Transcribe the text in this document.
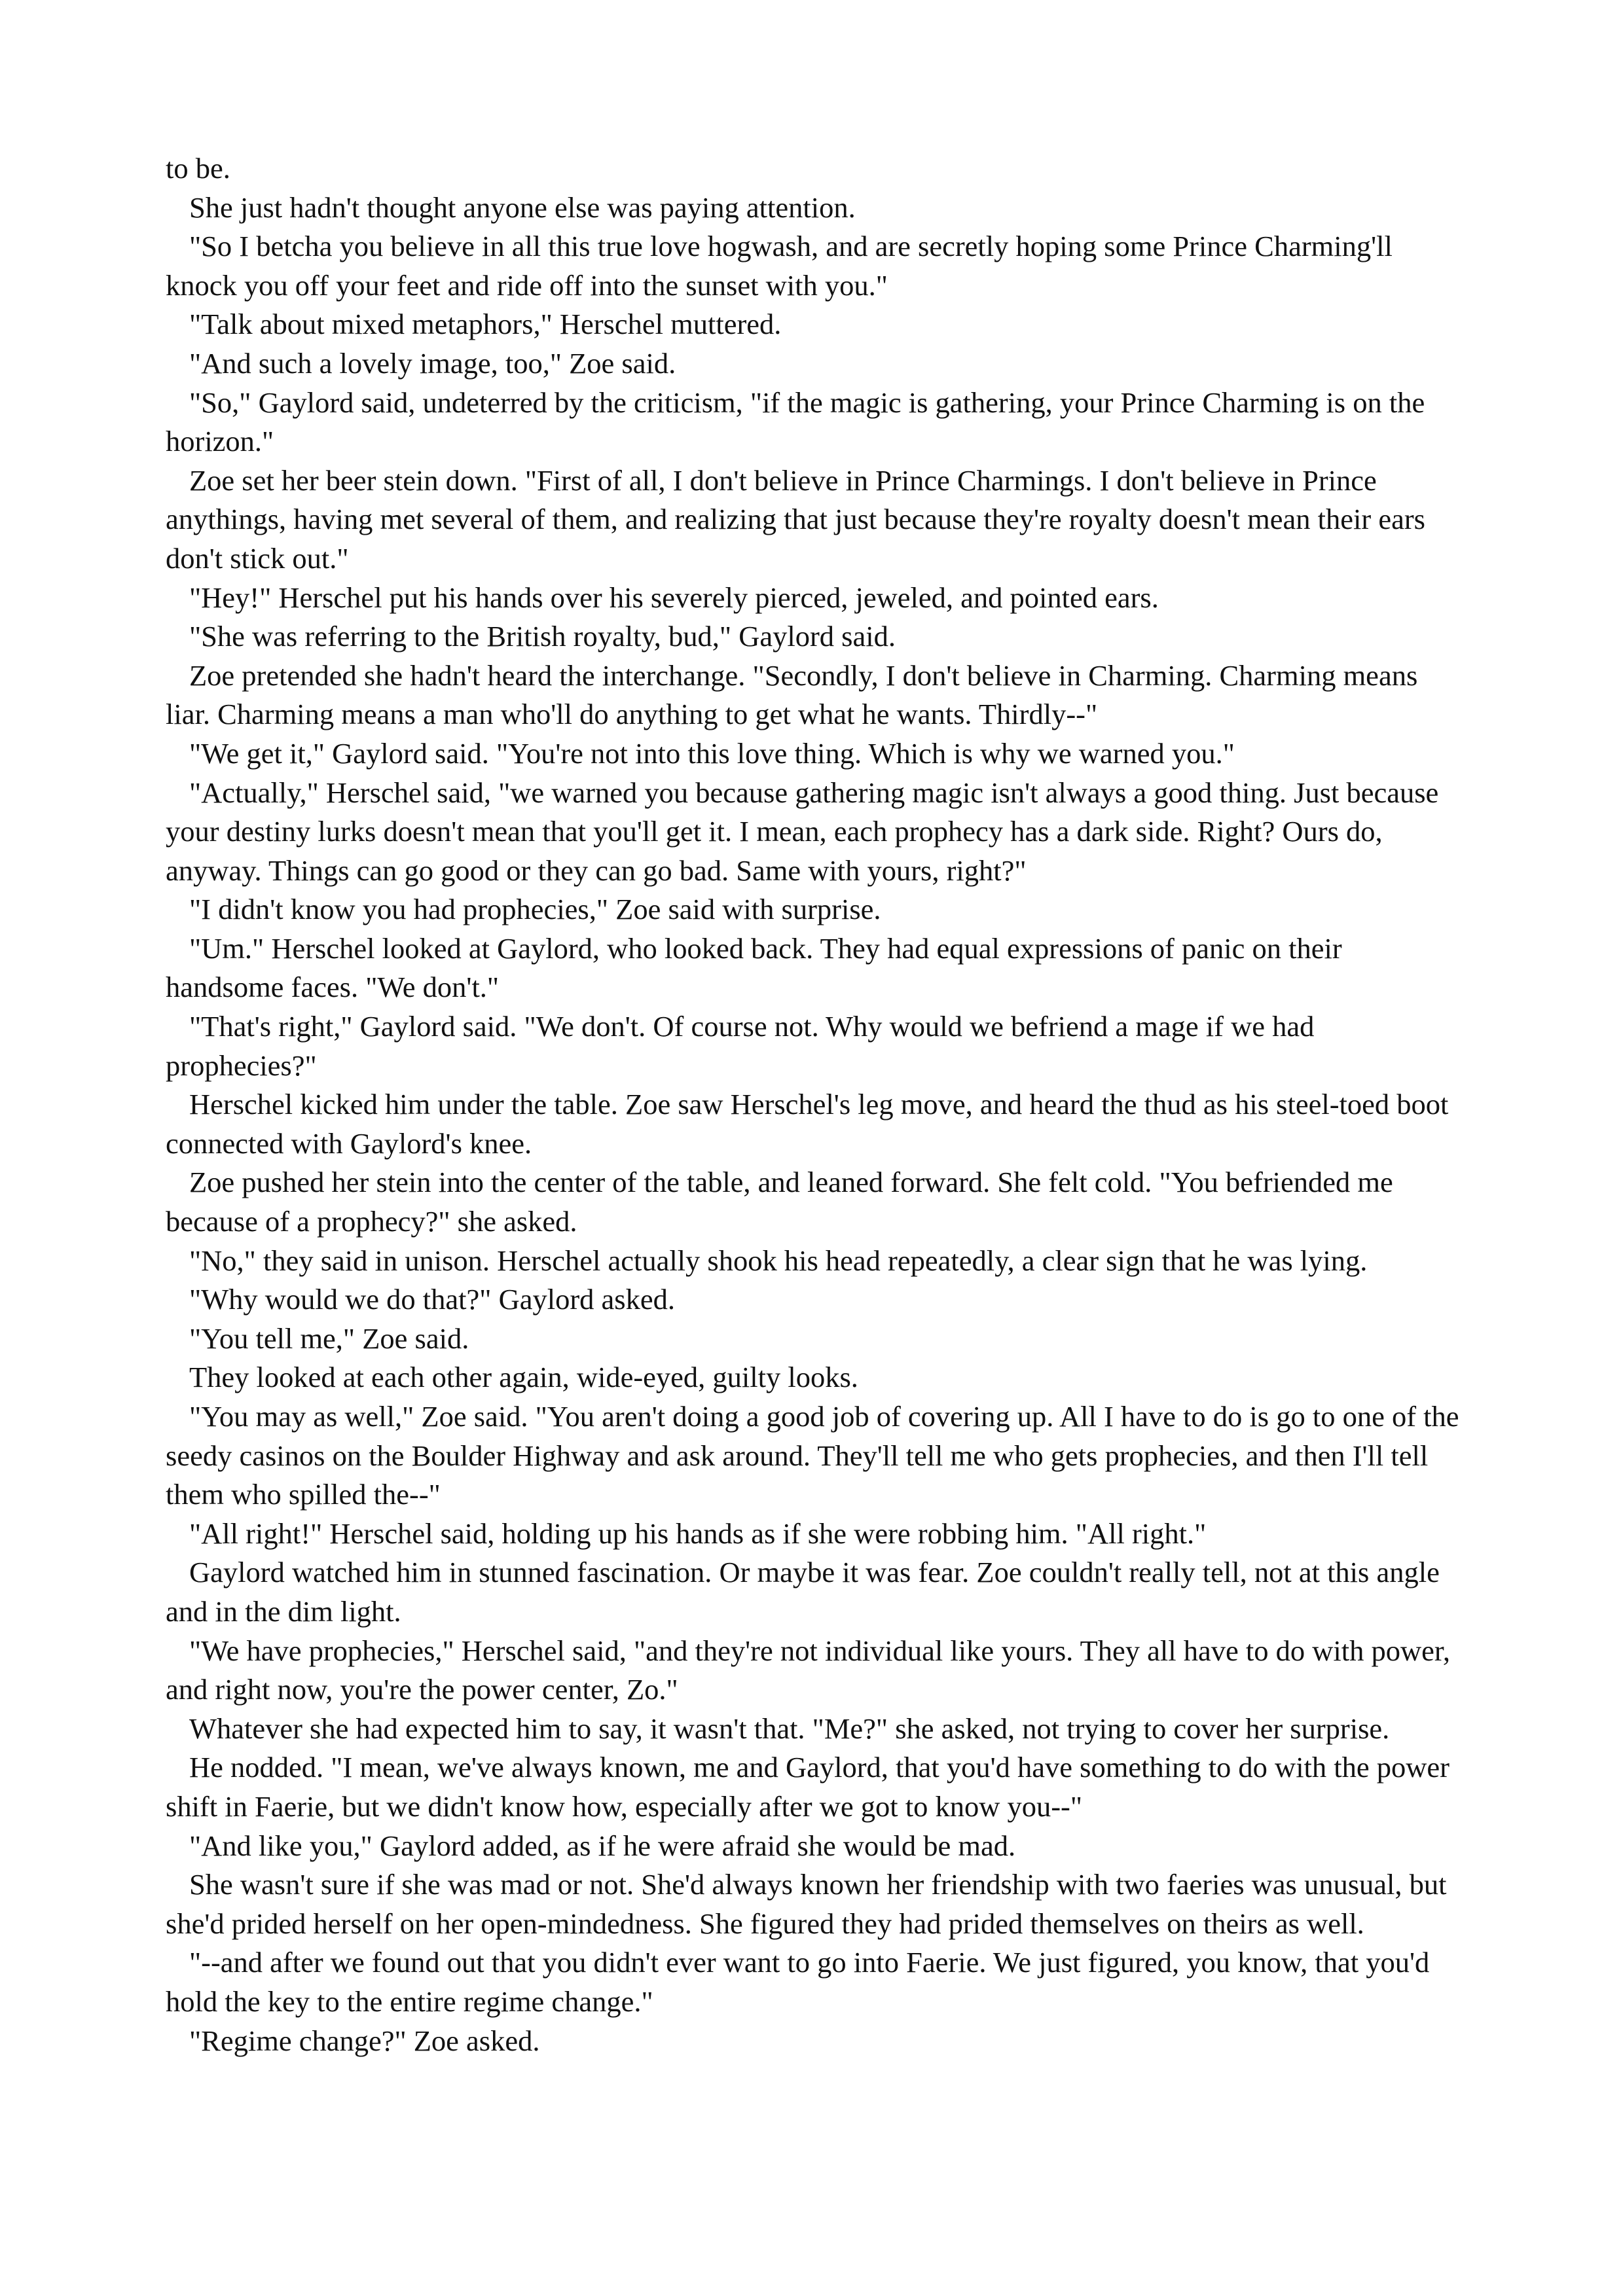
to be.

She just hadn't thought anyone else was paying attention.

"So I betcha you believe in all this true love hogwash, and are secretly hoping some Prince Charming'll knock you off your feet and ride off into the sunset with you."

"Talk about mixed metaphors," Herschel muttered.

"And such a lovely image, too," Zoe said.

"So," Gaylord said, undeterred by the criticism, "if the magic is gathering, your Prince Charming is on the horizon."

Zoe set her beer stein down. "First of all, I don't believe in Prince Charmings. I don't believe in Prince anythings, having met several of them, and realizing that just because they're royalty doesn't mean their ears don't stick out."

"Hey!" Herschel put his hands over his severely pierced, jeweled, and pointed ears.

"She was referring to the British royalty, bud," Gaylord said.

Zoe pretended she hadn't heard the interchange. "Secondly, I don't believe in Charming. Charming means liar. Charming means a man who'll do anything to get what he wants. Thirdly--"

"We get it," Gaylord said. "You're not into this love thing. Which is why we warned you."

"Actually," Herschel said, "we warned you because gathering magic isn't always a good thing. Just because your destiny lurks doesn't mean that you'll get it. I mean, each prophecy has a dark side. Right? Ours do, anyway. Things can go good or they can go bad. Same with yours, right?"

"I didn't know you had prophecies," Zoe said with surprise.

"Um." Herschel looked at Gaylord, who looked back. They had equal expressions of panic on their handsome faces. "We don't."

"That's right," Gaylord said. "We don't. Of course not. Why would we befriend a mage if we had prophecies?"

Herschel kicked him under the table. Zoe saw Herschel's leg move, and heard the thud as his steel-toed boot connected with Gaylord's knee.

Zoe pushed her stein into the center of the table, and leaned forward. She felt cold. "You befriended me because of a prophecy?" she asked.

"No," they said in unison. Herschel actually shook his head repeatedly, a clear sign that he was lying.

"Why would we do that?" Gaylord asked.

"You tell me," Zoe said.

They looked at each other again, wide-eyed, guilty looks.

"You may as well," Zoe said. "You aren't doing a good job of covering up. All I have to do is go to one of the seedy casinos on the Boulder Highway and ask around. They'll tell me who gets prophecies, and then I'll tell them who spilled the--"

"All right!" Herschel said, holding up his hands as if she were robbing him. "All right."

Gaylord watched him in stunned fascination. Or maybe it was fear. Zoe couldn't really tell, not at this angle and in the dim light.

"We have prophecies," Herschel said, "and they're not individual like yours. They all have to do with power, and right now, you're the power center, Zo."

Whatever she had expected him to say, it wasn't that. "Me?" she asked, not trying to cover her surprise.

He nodded. "I mean, we've always known, me and Gaylord, that you'd have something to do with the power shift in Faerie, but we didn't know how, especially after we got to know you--"

"And like you," Gaylord added, as if he were afraid she would be mad.

She wasn't sure if she was mad or not. She'd always known her friendship with two faeries was unusual, but she'd prided herself on her open-mindedness. She figured they had prided themselves on theirs as well.

"--and after we found out that you didn't ever want to go into Faerie. We just figured, you know, that you'd hold the key to the entire regime change."

"Regime change?" Zoe asked.
